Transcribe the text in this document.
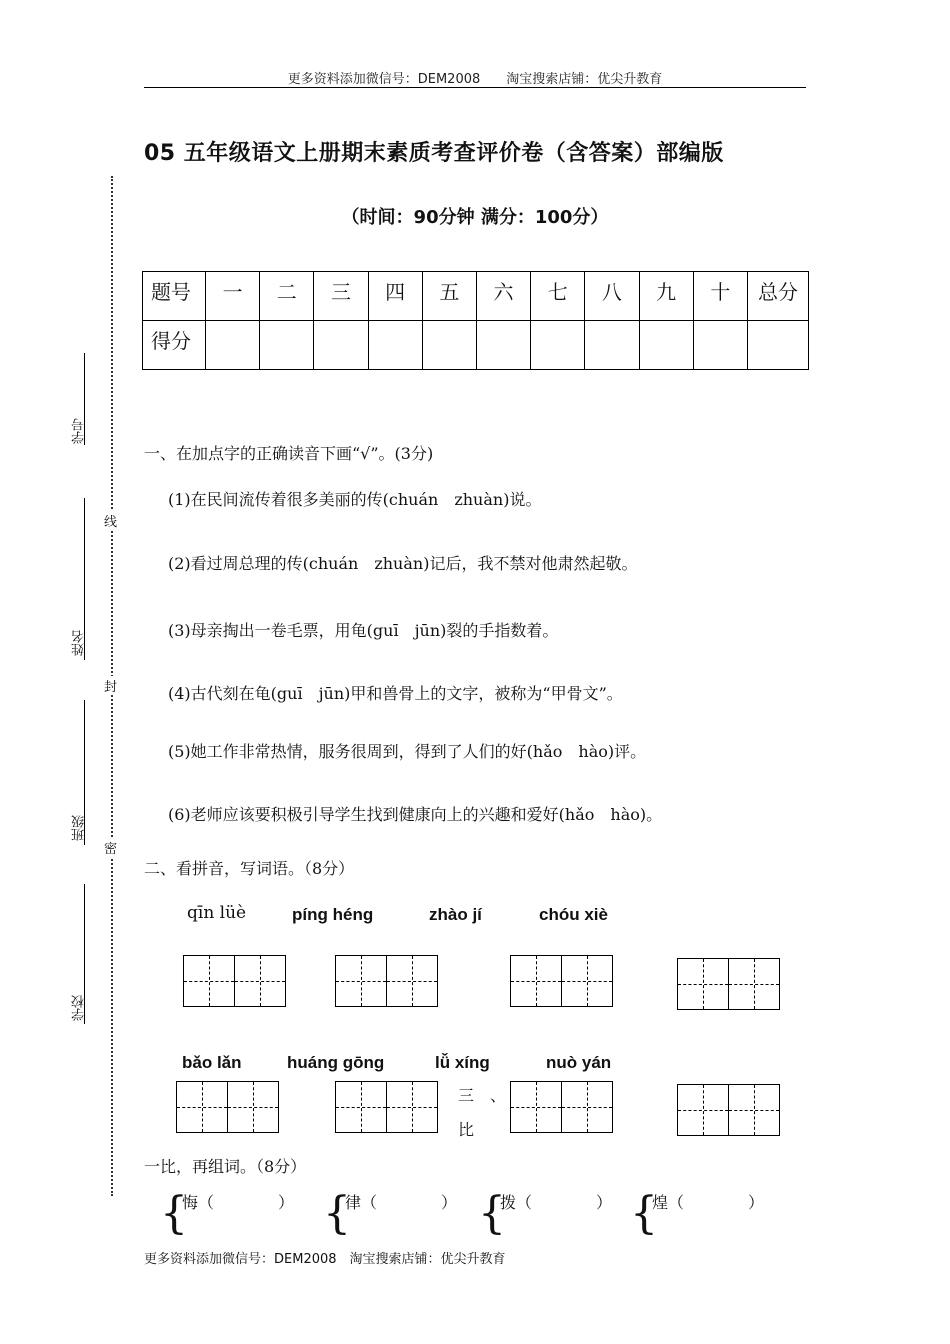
更多资料添加微信号：DEM2008　　淘宝搜索店铺：优尖升教育
05 五年级语文上册期末素质考查评价卷（含答案）部编版
（时间：90分钟 满分：100分）
题号	一	二	三	四	五	六	七	八	九	十	总分
得分											
线
封
密
学号
姓名
班级
学校
一、在加点字的正确读音下画“√”。(3分)
(1)在民间流传着很多美丽的传(chuán　zhuàn)说。
(2)看过周总理的传(chuán　zhuàn)记后，我不禁对他肃然起敬。
(3)母亲掏出一卷毛票，用龟(guī　jūn)裂的手指数着。
(4)古代刻在龟(guī　jūn)甲和兽骨上的文字，被称为“甲骨文”。
(5)她工作非常热情，服务很周到，得到了人们的好(hǎo　hào)评。
(6)老师应该要积极引导学生找到健康向上的兴趣和爱好(hǎo　hào)。
二、看拼音，写词语。（8分）
qīn lüè	píng héng	zhào jí	chóu xiè
bǎo lǎn	huáng gōng	lǚ xíng	nuò yán
三　、
比
一比，再组词。（8分）
{
悔（　　　　） {
律（　　　　） {
拨（　　　　） {
煌（　　　　）
更多资料添加微信号：DEM2008　淘宝搜索店铺：优尖升教育
